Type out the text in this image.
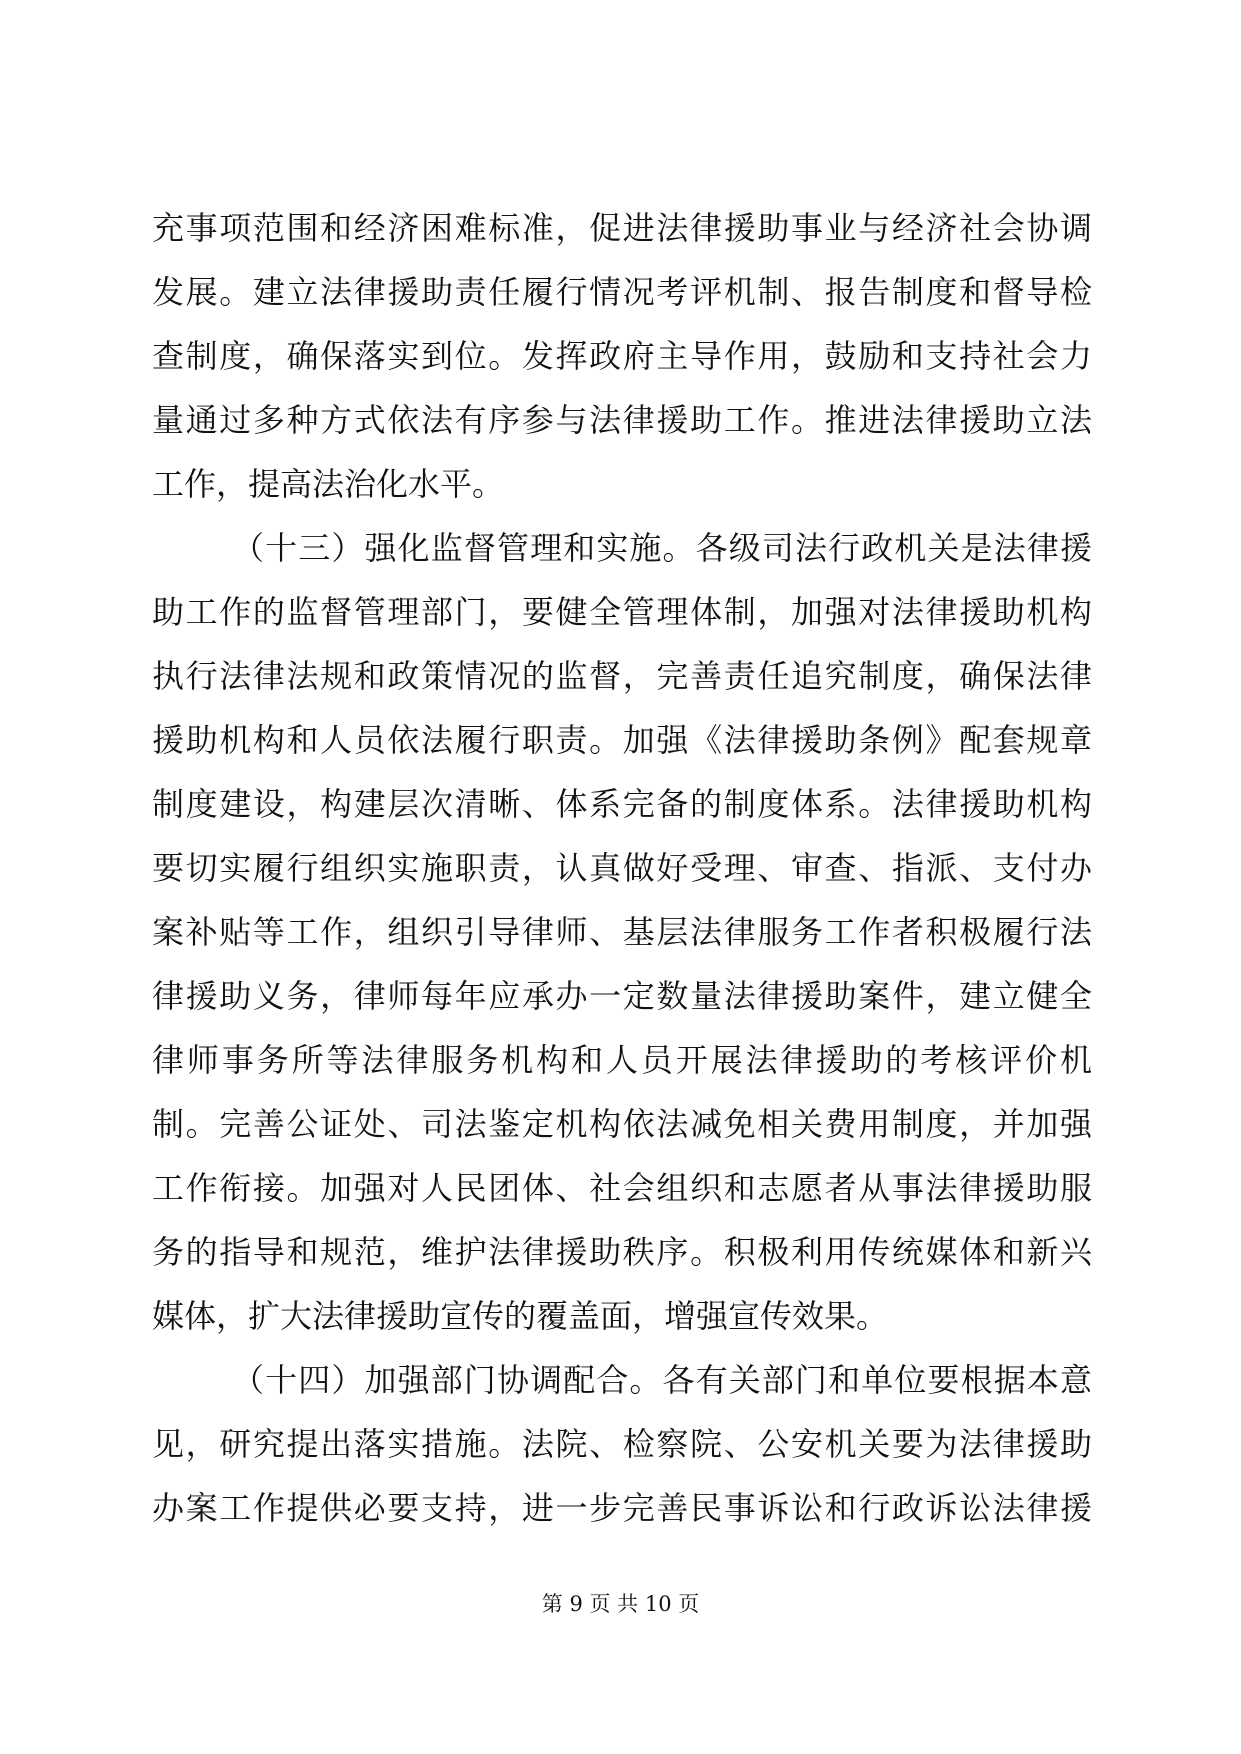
充事项范围和经济困难标准，促进法律援助事业与经济社会协调
发展。建立法律援助责任履行情况考评机制、报告制度和督导检
查制度，确保落实到位。发挥政府主导作用，鼓励和支持社会力
量通过多种方式依法有序参与法律援助工作。推进法律援助立法
工作，提高法治化水平。
（十三）强化监督管理和实施。各级司法行政机关是法律援
助工作的监督管理部门，要健全管理体制，加强对法律援助机构
执行法律法规和政策情况的监督，完善责任追究制度，确保法律
援助机构和人员依法履行职责。加强《法律援助条例》配套规章
制度建设，构建层次清晰、体系完备的制度体系。法律援助机构
要切实履行组织实施职责，认真做好受理、审查、指派、支付办
案补贴等工作，组织引导律师、基层法律服务工作者积极履行法
律援助义务，律师每年应承办一定数量法律援助案件，建立健全
律师事务所等法律服务机构和人员开展法律援助的考核评价机
制。完善公证处、司法鉴定机构依法减免相关费用制度，并加强
工作衔接。加强对人民团体、社会组织和志愿者从事法律援助服
务的指导和规范，维护法律援助秩序。积极利用传统媒体和新兴
媒体，扩大法律援助宣传的覆盖面，增强宣传效果。
（十四）加强部门协调配合。各有关部门和单位要根据本意
见，研究提出落实措施。法院、检察院、公安机关要为法律援助
办案工作提供必要支持，进一步完善民事诉讼和行政诉讼法律援
第 9 页 共 10 页
